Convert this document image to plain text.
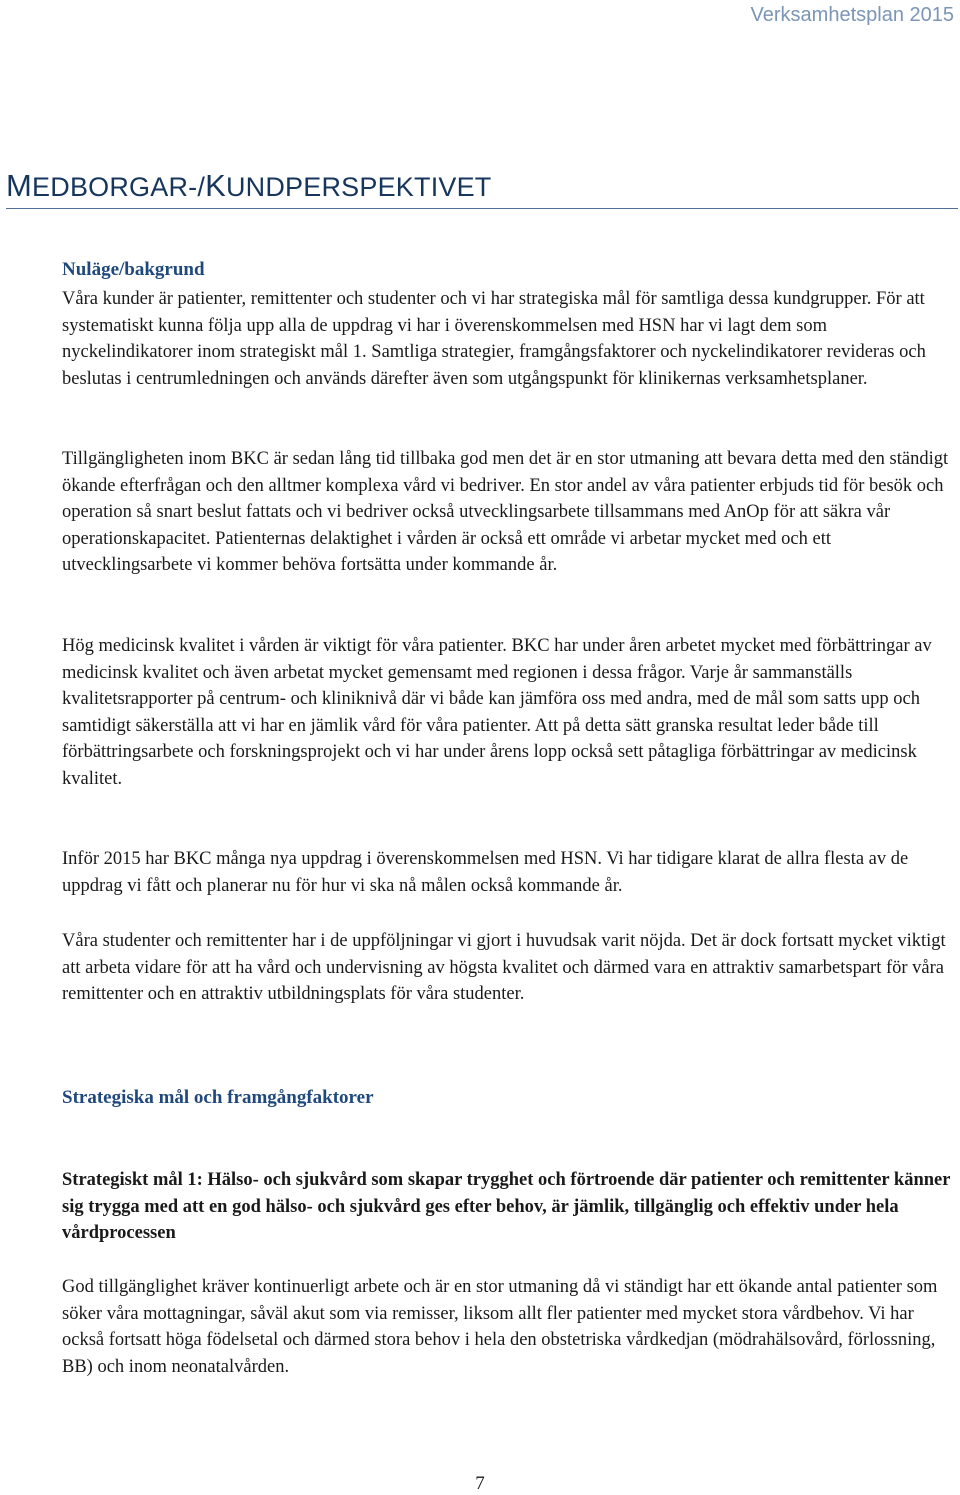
Verksamhetsplan 2015
MEDBORGAR-/KUNDPERSPEKTIVET
Nuläge/bakgrund
Våra kunder är patienter, remittenter och studenter och vi har strategiska mål för samtliga dessa kundgrupper. För att systematiskt kunna följa upp alla de uppdrag vi har i överenskommelsen med HSN har vi lagt dem som nyckelindikatorer inom strategiskt mål 1. Samtliga strategier, framgångsfaktorer och nyckelindikatorer revideras och beslutas i centrumledningen och används därefter även som utgångspunkt för klinikernas verksamhetsplaner.
Tillgängligheten inom BKC är sedan lång tid tillbaka god men det är en stor utmaning att bevara detta med den ständigt ökande efterfrågan och den alltmer komplexa vård vi bedriver. En stor andel av våra patienter erbjuds tid för besök och operation så snart beslut fattats och vi bedriver också utvecklingsarbete tillsammans med AnOp för att säkra vår operationskapacitet. Patienternas delaktighet i vården är också ett område vi arbetar mycket med och ett utvecklingsarbete vi kommer behöva fortsätta under kommande år.
Hög medicinsk kvalitet i vården är viktigt för våra patienter. BKC har under åren arbetet mycket med förbättringar av medicinsk kvalitet och även arbetat mycket gemensamt med regionen i dessa frågor. Varje år sammanställs kvalitetsrapporter på centrum- och kliniknivå där vi både kan jämföra oss med andra, med de mål som satts upp och samtidigt säkerställa att vi har en jämlik vård för våra patienter. Att på detta sätt granska resultat leder både till förbättringsarbete och forskningsprojekt och vi har under årens lopp också sett påtagliga förbättringar av medicinsk kvalitet.
Inför 2015 har BKC många nya uppdrag i överenskommelsen med HSN. Vi har tidigare klarat de allra flesta av de uppdrag vi fått och planerar nu för hur vi ska nå målen också kommande år.
Våra studenter och remittenter har i de uppföljningar vi gjort i huvudsak varit nöjda. Det är dock fortsatt mycket viktigt att arbeta vidare för att ha vård och undervisning av högsta kvalitet och därmed vara en attraktiv samarbetspart för våra remittenter och en attraktiv utbildningsplats för våra studenter.
Strategiska mål och framgångfaktorer
Strategiskt mål 1: Hälso- och sjukvård som skapar trygghet och förtroende där patienter och remittenter känner sig trygga med att en god hälso- och sjukvård ges efter behov, är jämlik, tillgänglig och effektiv under hela vårdprocessen
God tillgänglighet kräver kontinuerligt arbete och är en stor utmaning då vi ständigt har ett ökande antal patienter som söker våra mottagningar, såväl akut som via remisser, liksom allt fler patienter med mycket stora vårdbehov. Vi har också fortsatt höga födelsetal och därmed stora behov i hela den obstetriska vårdkedjan (mödrahälsovård, förlossning, BB) och inom neonatalvården.
7
